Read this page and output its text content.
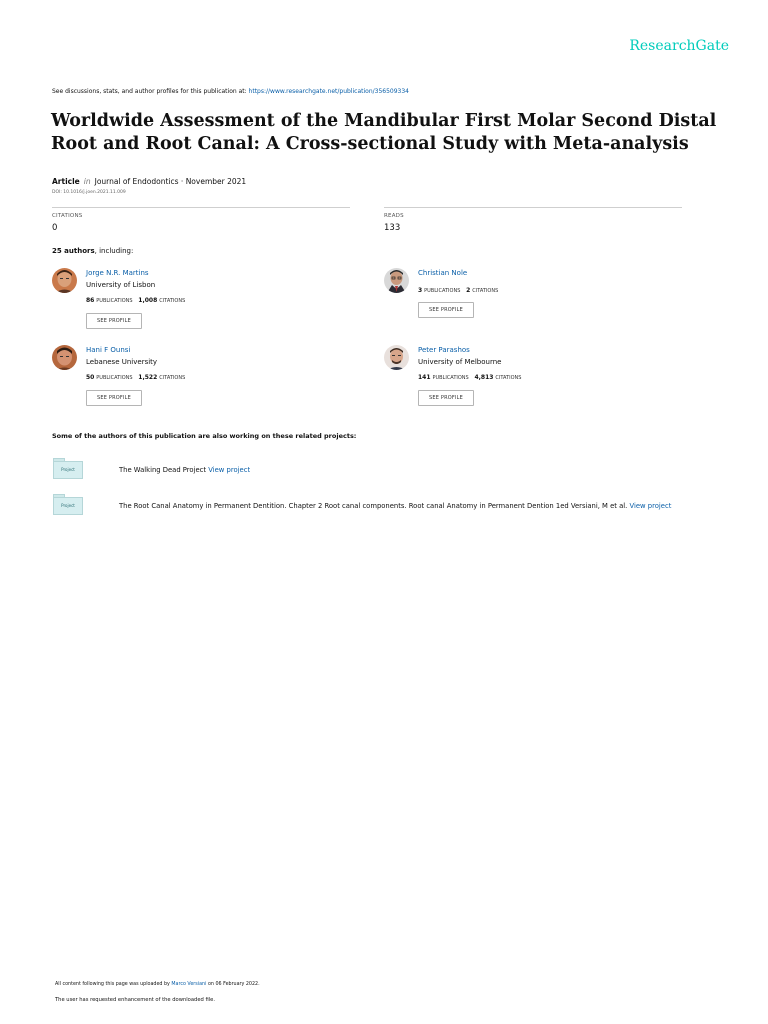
ResearchGate
See discussions, stats, and author profiles for this publication at: https://www.researchgate.net/publication/356509334
Worldwide Assessment of the Mandibular First Molar Second Distal Root and Root Canal: A Cross-sectional Study with Meta-analysis
Article in Journal of Endodontics · November 2021
DOI: 10.1016/j.joen.2021.11.009
CITATIONS
0
READS
133
25 authors, including:
Jorge N.R. Martins
University of Lisbon
86 PUBLICATIONS 1,008 CITATIONS
SEE PROFILE
Christian Nole
3 PUBLICATIONS 2 CITATIONS
SEE PROFILE
Hani F Ounsi
Lebanese University
50 PUBLICATIONS 1,522 CITATIONS
SEE PROFILE
Peter Parashos
University of Melbourne
141 PUBLICATIONS 4,813 CITATIONS
SEE PROFILE
Some of the authors of this publication are also working on these related projects:
Project	The Walking Dead Project View project
Project	The Root Canal Anatomy in Permanent Dentition. Chapter 2 Root canal components. Root canal Anatomy in Permanent Dention 1ed Versiani, M et al. View project
All content following this page was uploaded by Marco Versiani on 06 February 2022.
The user has requested enhancement of the downloaded file.
